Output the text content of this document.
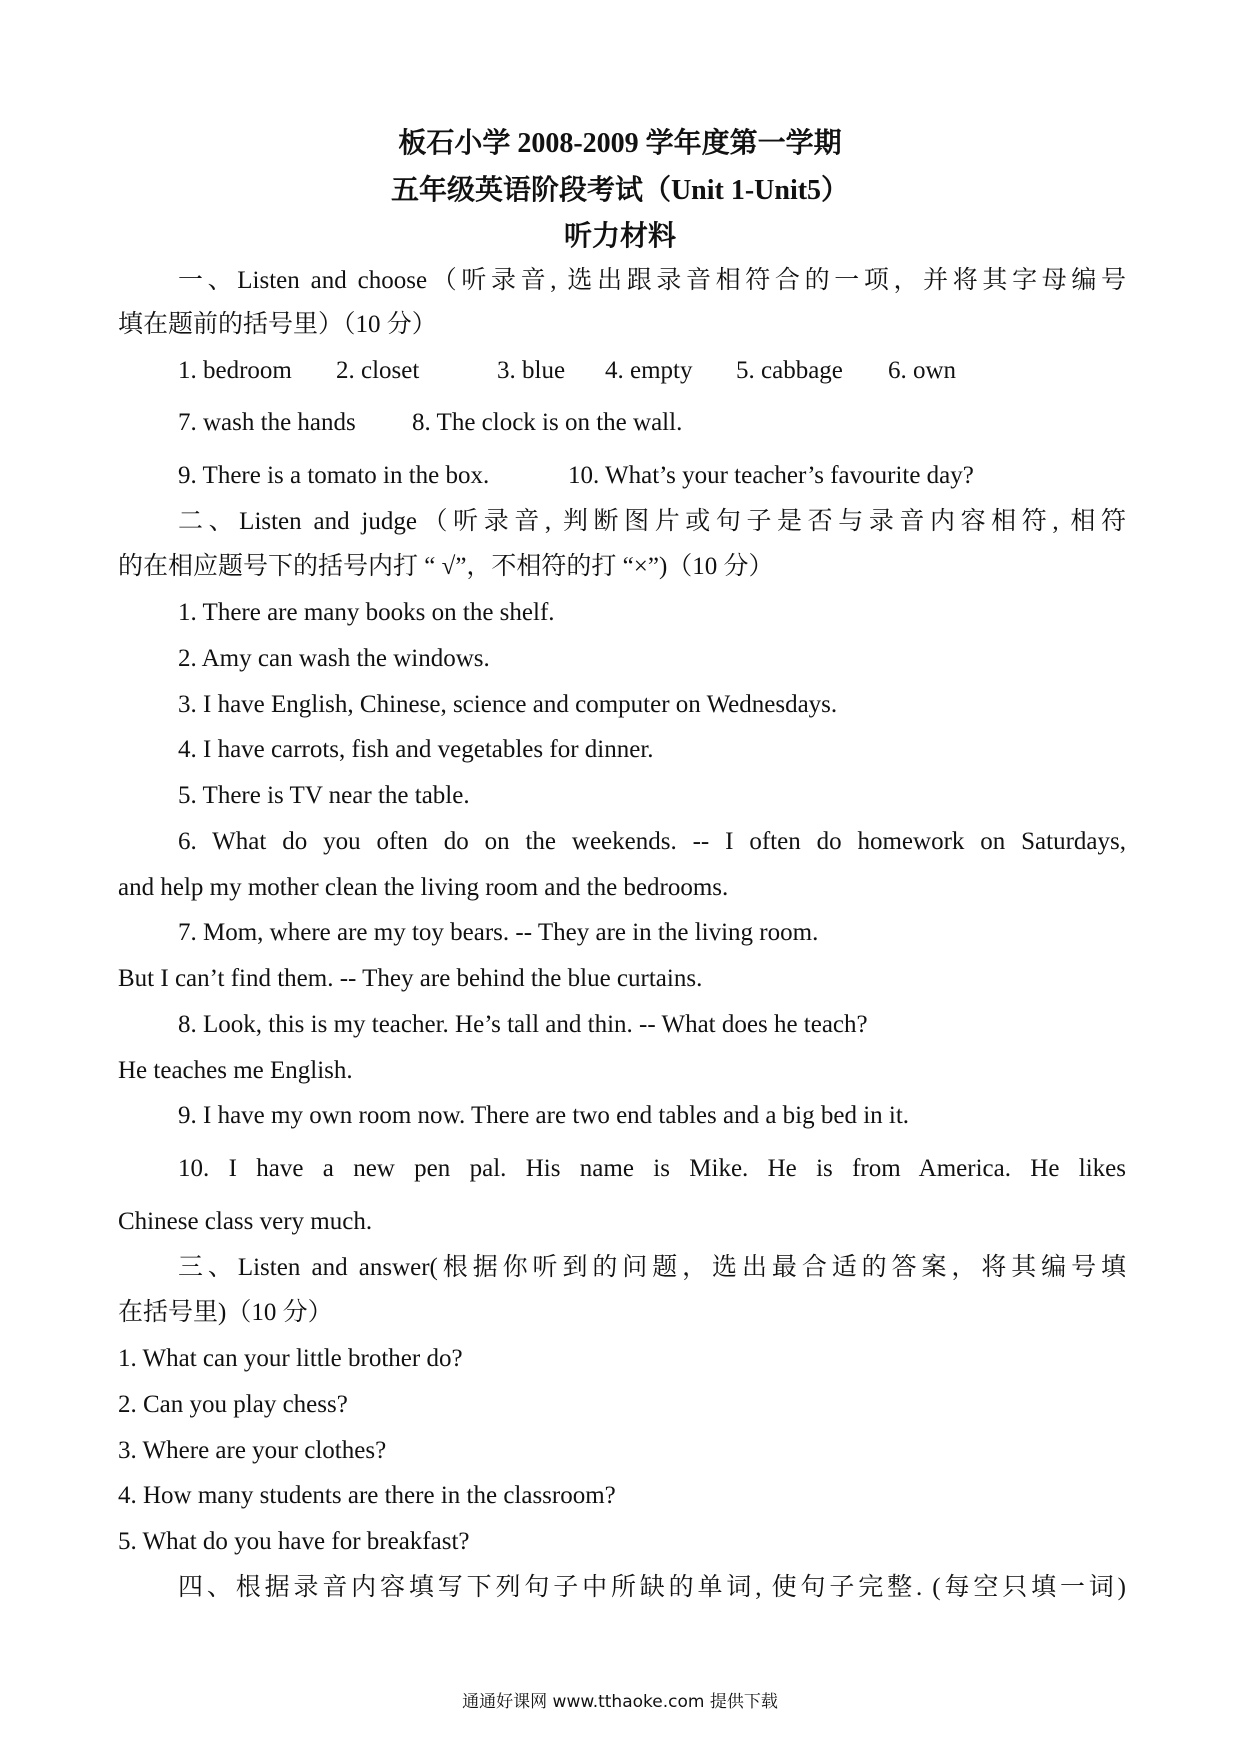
板石小学 2008-2009 学年度第一学期
五年级英语阶段考试（Unit 1-Unit5）
听力材料
一、Listen and choose（听录音, 选出跟录音相符合的一项，并将其字母编号
填在题前的括号里）（10 分）
1. bedroom 2. closet	3. blue 4. empty 5. cabbage 6. own
7. wash the hands 8. The clock is on the wall.
9. There is a tomato in the box.	10. What’s your teacher’s favourite day?
二、Listen and judge（听录音, 判断图片或句子是否与录音内容相符, 相符
的在相应题号下的括号内打 “ √”，不相符的打 “×”)（10 分）
1. There are many books on the shelf.
2. Amy can wash the windows.
3. I have English, Chinese, science and computer on Wednesdays.
4. I have carrots, fish and vegetables for dinner.
5. There is TV near the table.
6. What do you often do on the weekends. -- I often do homework on Saturdays,
and help my mother clean the living room and the bedrooms.
7. Mom, where are my toy bears. -- They are in the living room.
But I can’t find them. -- They are behind the blue curtains.
8. Look, this is my teacher. He’s tall and thin. -- What does he teach?
He teaches me English.
9. I have my own room now. There are two end tables and a big bed in it.
10. I have a new pen pal. His name is Mike. He is from America. He likes
Chinese class very much.
三、Listen and answer(根据你听到的问题，选出最合适的答案，将其编号填
在括号里)（10 分）
1. What can your little brother do?
2. Can you play chess?
3. Where are your clothes?
4. How many students are there in the classroom?
5. What do you have for breakfast?
四、根据录音内容填写下列句子中所缺的单词, 使句子完整. (每空只填一词)
通通好课网 www.tthaoke.com 提供下载
